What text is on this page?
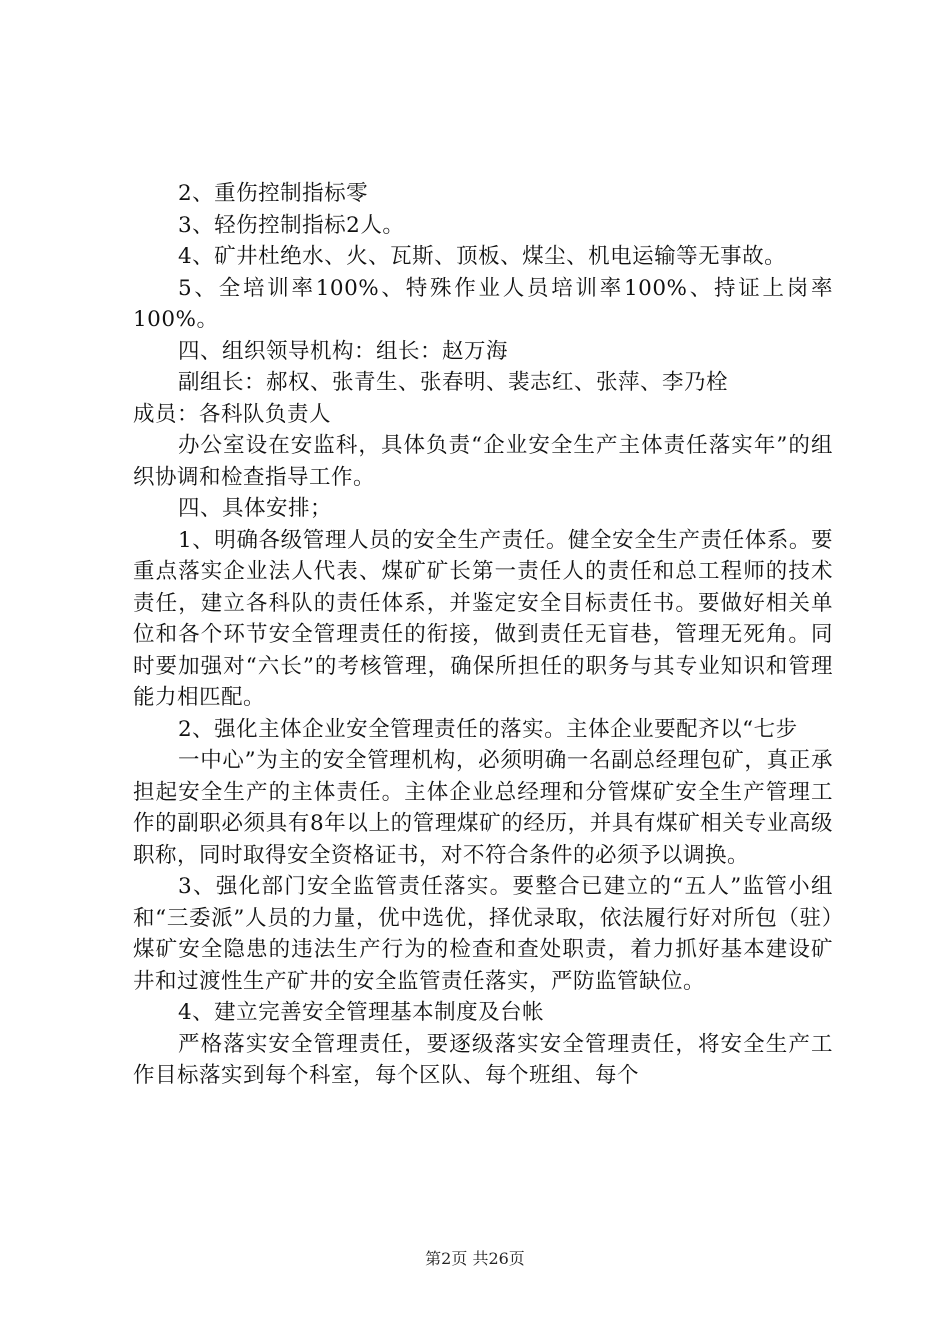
2、重伤控制指标零

3、轻伤控制指标2人。

4、矿井杜绝水、火、瓦斯、顶板、煤尘、机电运输等无事故。

5、全培训率100%、特殊作业人员培训率100%、持证上岗率100%。

四、组织领导机构：组长：赵万海

副组长：郝权、张青生、张春明、裴志红、张萍、李乃栓

成员：各科队负责人

办公室设在安监科，具体负责“企业安全生产主体责任落实年”的组织协调和检查指导工作。

四、具体安排；

1、明确各级管理人员的安全生产责任。健全安全生产责任体系。要重点落实企业法人代表、煤矿矿长第一责任人的责任和总工程师的技术责任，建立各科队的责任体系，并鉴定安全目标责任书。要做好相关单位和各个环节安全管理责任的衔接，做到责任无盲巷，管理无死角。同时要加强对“六长”的考核管理，确保所担任的职务与其专业知识和管理能力相匹配。

2、强化主体企业安全管理责任的落实。主体企业要配齐以“七步

一中心”为主的安全管理机构，必须明确一名副总经理包矿，真正承担起安全生产的主体责任。主体企业总经理和分管煤矿安全生产管理工作的副职必须具有8年以上的管理煤矿的经历，并具有煤矿相关专业高级职称，同时取得安全资格证书，对不符合条件的必须予以调换。

3、强化部门安全监管责任落实。要整合已建立的“五人”监管小组和“三委派”人员的力量，优中选优，择优录取，依法履行好对所包（驻）煤矿安全隐患的违法生产行为的检查和查处职责，着力抓好基本建设矿井和过渡性生产矿井的安全监管责任落实，严防监管缺位。

4、建立完善安全管理基本制度及台帐

严格落实安全管理责任，要逐级落实安全管理责任，将安全生产工作目标落实到每个科室，每个区队、每个班组、每个

第2页 共26页
